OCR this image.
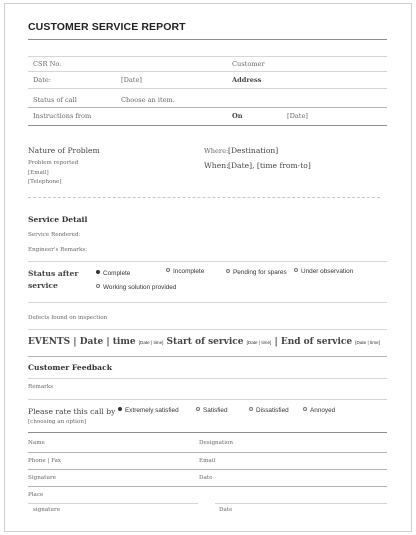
CUSTOMER SERVICE REPORT
CSR No.	Customer
Date:	[Date]	Address
Status of call	Choose an item.
Instructions from	On	[Date]
Nature of Problem
Problem reported
[Email]
[Telephone]
Where: [Destination]
When: [Date], [time from-to]
Service Detail
Service Rendered:
Engineer's Remarks:
Status after
service
Complete	Incomplete	Pending for spares	Under observation
Working solution provided
Defects found on inspection
EVENTS | Date | time [Date | time] Start of service [Date | time] | End of service [Date | time]
Customer Feedback
Remarks
Please rate this call by
[choosing an option]
Extremely satisfied	Satisfied	Dissatisfied	Annoyed
Name	Designation
Phone | Fax	Email
Signature	Date
Place
signature	Date
